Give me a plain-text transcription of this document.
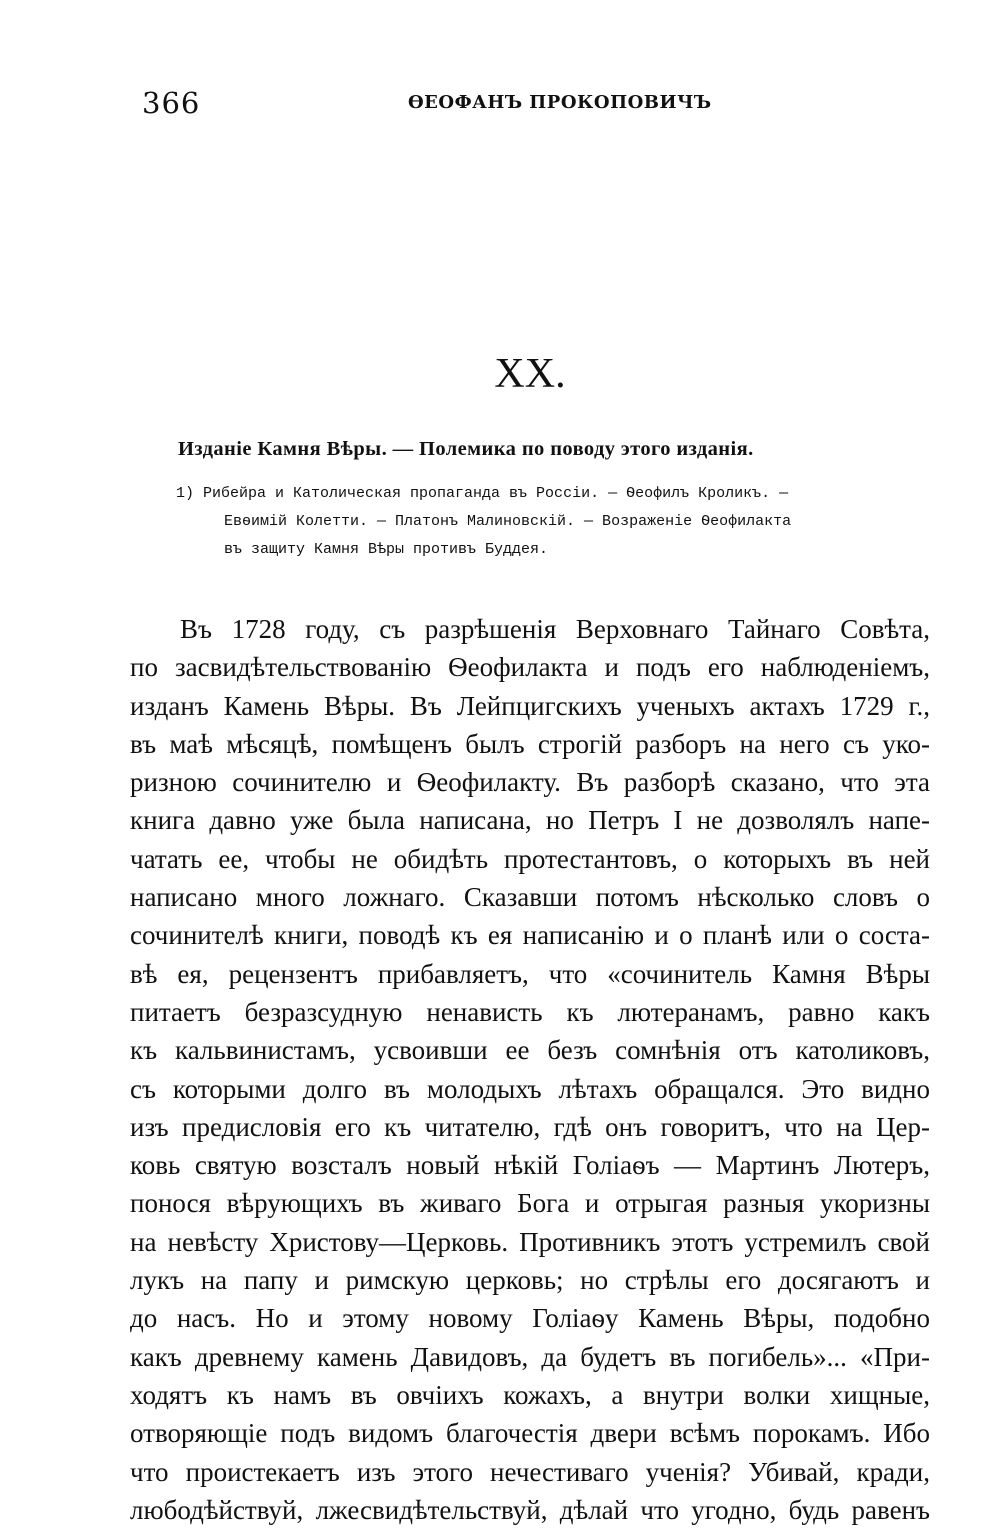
366	ѲЕОФАНЪ ПРОКОПОВИЧЪ
XX.
Изданіе Камня Вѣры. — Полемика по поводу этого изданія.
1) Рибейра и Католическая пропаганда въ Россіи. — Ѳеофилъ Кроликъ. —
Евѳимій Колетти. — Платонъ Малиновскій. — Возраженіе Ѳеофилакта
въ защиту Камня Вѣры противъ Буддея.
Въ 1728 году, съ разрѣшенія Верховнаго Тайнаго Совѣта,
по засвидѣтельствованію Ѳеофилакта и подъ его наблюденіемъ,
изданъ Камень Вѣры. Въ Лейпцигскихъ ученыхъ актахъ 1729 г.,
въ маѣ мѣсяцѣ, помѣщенъ былъ строгій разборъ на него съ уко-
ризною сочинителю и Ѳеофилакту. Въ разборѣ сказано, что эта
книга давно уже была написана, но Петръ I не дозволялъ напе-
чатать ее, чтобы не обидѣть протестантовъ, о которыхъ въ ней
написано много ложнаго. Сказавши потомъ нѣсколько словъ о
сочинителѣ книги, поводѣ къ ея написанію и о планѣ или о соста-
вѣ ея, рецензентъ прибавляетъ, что «сочинитель Камня Вѣры
питаетъ безразсудную ненависть къ лютеранамъ, равно какъ
къ кальвинистамъ, усвоивши ее безъ сомнѣнія отъ католиковъ,
съ которыми долго въ молодыхъ лѣтахъ обращался. Это видно
изъ предисловія его къ читателю, гдѣ онъ говоритъ, что на Цер-
ковь святую возсталъ новый нѣкій Голіаѳъ — Мартинъ Лютеръ,
понося вѣрующихъ въ живаго Бога и отрыгая разныя укоризны
на невѣсту Христову—Церковь. Противникъ этотъ устремилъ свой
лукъ на папу и римскую церковь; но стрѣлы его досягаютъ и
до насъ. Но и этому новому Голіаѳу Камень Вѣры, подобно
какъ древнему камень Давидовъ, да будетъ въ погибель»... «При-
ходятъ къ намъ въ овчіихъ кожахъ, а внутри волки хищные,
отворяющіе подъ видомъ благочестія двери всѣмъ порокамъ. Ибо
что проистекаетъ изъ этого нечестиваго ученія? Убивай, кради,
любодѣйствуй, лжесвидѣтельствуй, дѣлай что угодно, будь равенъ
